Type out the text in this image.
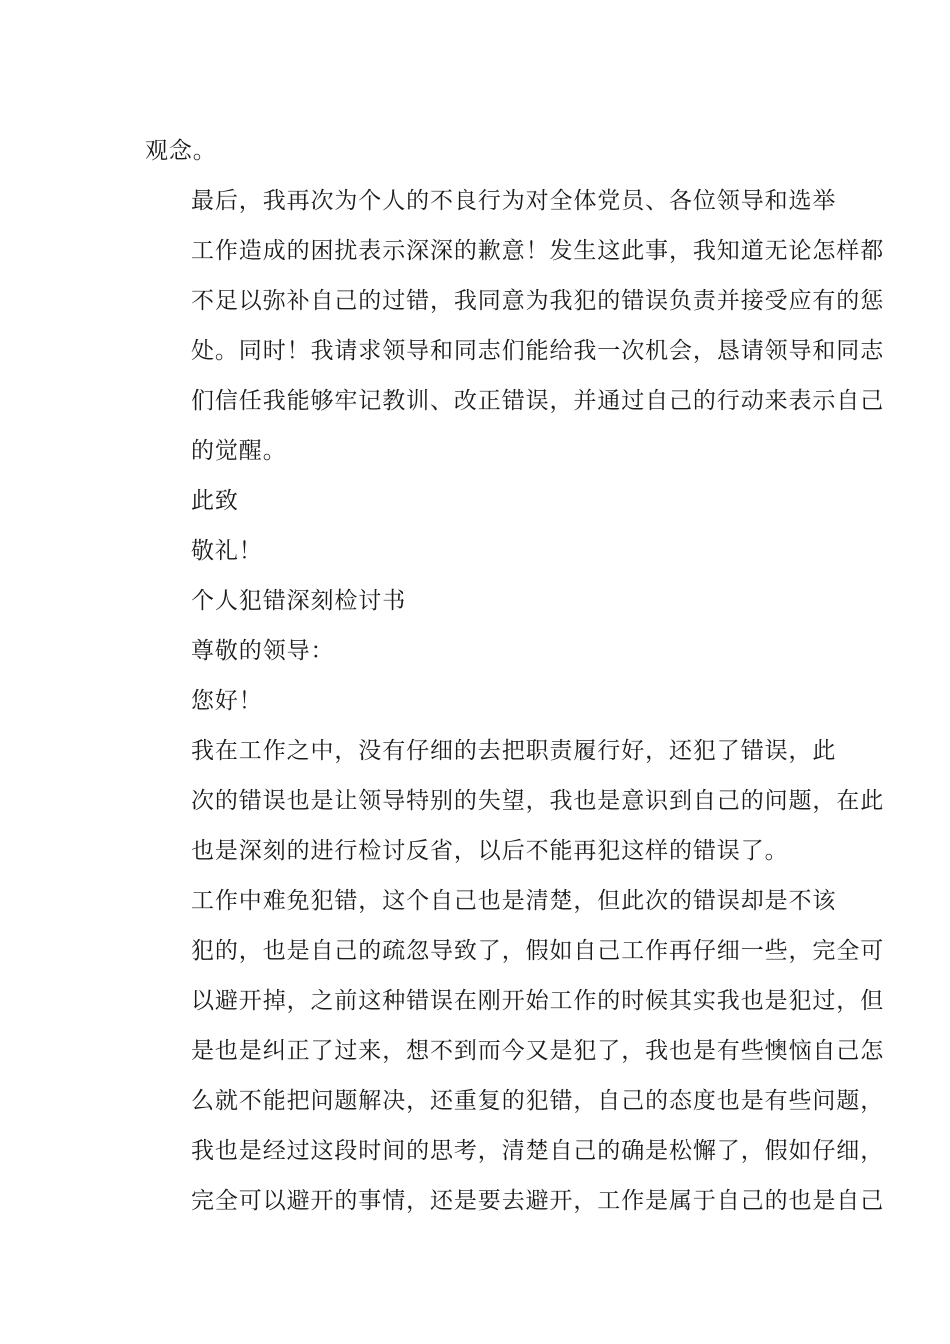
观念。

最后，我再次为个人的不良行为对全体党员、各位领导和选举
工作造成的困扰表示深深的歉意！发生这此事，我知道无论怎样都
不足以弥补自己的过错，我同意为我犯的错误负责并接受应有的惩
处。同时！我请求领导和同志们能给我一次机会，恳请领导和同志
们信任我能够牢记教训、改正错误，并通过自己的行动来表示自己
的觉醒。

此致

敬礼！

个人犯错深刻检讨书

尊敬的领导：

您好！

我在工作之中，没有仔细的去把职责履行好，还犯了错误，此
次的错误也是让领导特别的失望，我也是意识到自己的问题，在此
也是深刻的进行检讨反省，以后不能再犯这样的错误了。

工作中难免犯错，这个自己也是清楚，但此次的错误却是不该
犯的，也是自己的疏忽导致了，假如自己工作再仔细一些，完全可
以避开掉，之前这种错误在刚开始工作的时候其实我也是犯过，但
是也是纠正了过来，想不到而今又是犯了，我也是有些懊恼自己怎
么就不能把问题解决，还重复的犯错，自己的态度也是有些问题，
我也是经过这段时间的思考，清楚自己的确是松懈了，假如仔细，
完全可以避开的事情，还是要去避开，工作是属于自己的也是自己
